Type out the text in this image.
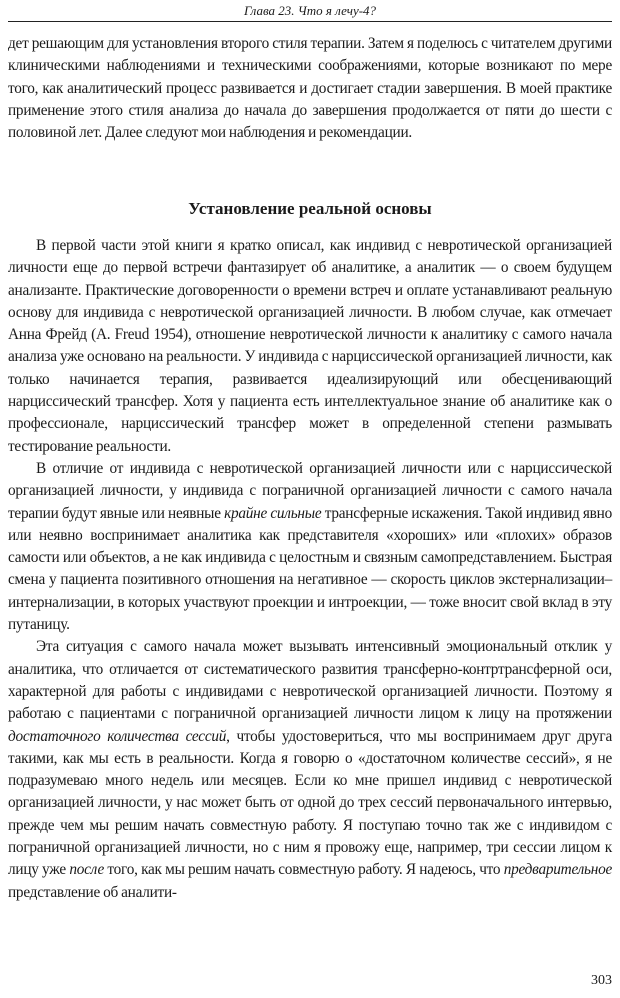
Глава 23. Что я лечу-4?

дет решающим для установления второго стиля терапии. Затем я поделюсь с читателем другими клиническими наблюдениями и техническими соображениями, которые возникают по мере того, как аналитический процесс развивается и достигает стадии завершения. В моей практике применение этого стиля анализа до начала до завершения продолжается от пяти до шести с половиной лет. Далее следуют мои наблюдения и рекомендации.

Установление реальной основы

В первой части этой книги я кратко описал, как индивид с невротической организацией личности еще до первой встречи фантазирует об аналитике, а аналитик — о своем будущем анализанте. Практические договоренности о времени встреч и оплате устанавливают реальную основу для индивида с невротической организацией личности. В любом случае, как отмечает Анна Фрейд (A. Freud 1954), отношение невротической личности к аналитику с самого начала анализа уже основано на реальности. У индивида с нарциссической организацией личности, как только начинается терапия, развивается идеализирующий или обесценивающий нарциссический трансфер. Хотя у пациента есть интеллектуальное знание об аналитике как о профессионале, нарциссический трансфер может в определенной степени размывать тестирование реальности.

В отличие от индивида с невротической организацией личности или с нарциссической организацией личности, у индивида с пограничной организацией личности с самого начала терапии будут явные или неявные крайне сильные трансферные искажения. Такой индивид явно или неявно воспринимает аналитика как представителя «хороших» или «плохих» образов самости или объектов, а не как индивида с целостным и связным самопредставлением. Быстрая смена у пациента позитивного отношения на негативное — скорость циклов экстернализации–интернализации, в которых участвуют проекции и интроекции, — тоже вносит свой вклад в эту путаницу.

Эта ситуация с самого начала может вызывать интенсивный эмоциональный отклик у аналитика, что отличается от систематического развития трансферно-контртрансферной оси, характерной для работы с индивидами с невротической организацией личности. Поэтому я работаю с пациентами с пограничной организацией личности лицом к лицу на протяжении достаточного количества сессий, чтобы удостовериться, что мы воспринимаем друг друга такими, как мы есть в реальности. Когда я говорю о «достаточном количестве сессий», я не подразумеваю много недель или месяцев. Если ко мне пришел индивид с невротической организацией личности, у нас может быть от одной до трех сессий первоначального интервью, прежде чем мы решим начать совместную работу. Я поступаю точно так же с индивидом с пограничной организацией личности, но с ним я провожу еще, например, три сессии лицом к лицу уже после того, как мы решим начать совместную работу. Я надеюсь, что предварительное представление об аналити-

303
